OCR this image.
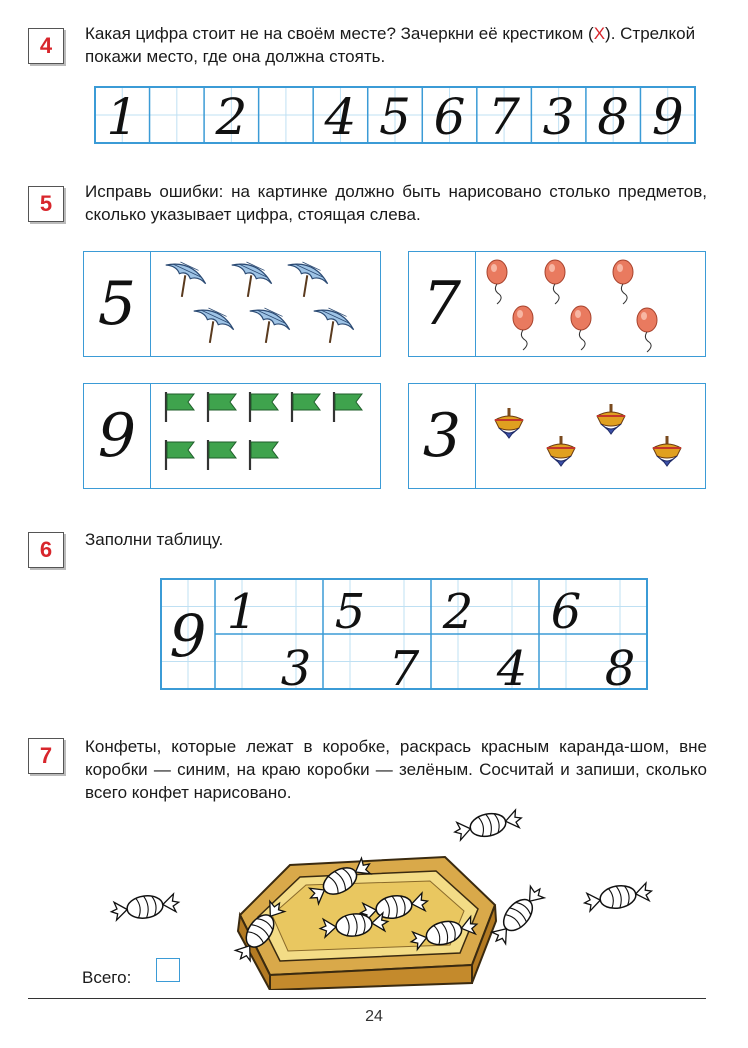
4 Какая цифра стоит не на своём месте? Зачеркни её крестиком (X). Стрелкой покажи место, где она должна стоять.
1 2 4 5 6 7 3 8 9
5 Исправь ошибки: на картинке должно быть нарисовано столько предметов, сколько указывает цифра, стоящая слева.
5	7
9	3
6 Заполни таблицу.
9 1 5 2 6
3 7 4 8
7 Конфеты, которые лежат в коробке, раскрась красным каранда-шом, вне коробки — синим, на краю коробки — зелёным. Сосчитай и запиши, сколько всего конфет нарисовано.
Всего:
24
